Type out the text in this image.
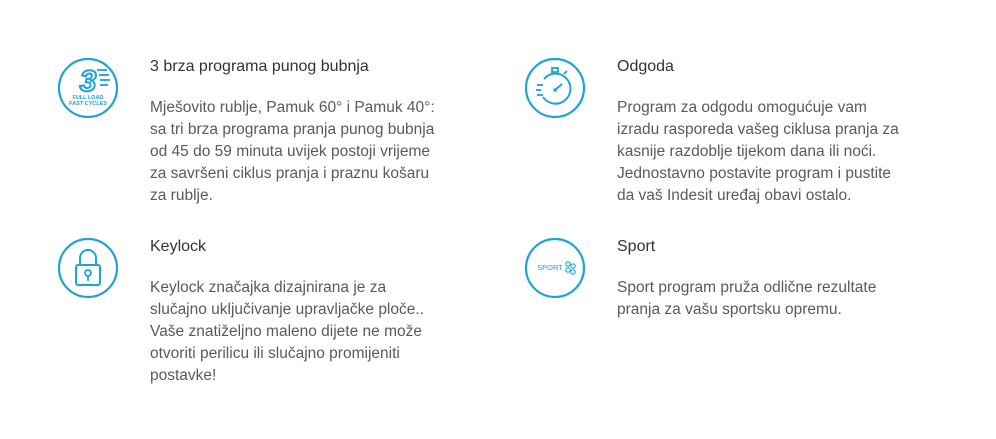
3
FULL LOAD
FAST CYCLES
3 brza programa punog bubnja
Mješovito rublje, Pamuk 60° i Pamuk 40°:
sa tri brza programa pranja punog bubnja
od 45 do 59 minuta uvijek postoji vrijeme
za savršeni ciklus pranja i praznu košaru
za rublje.
Odgoda
Program za odgodu omogućuje vam
izradu rasporeda vašeg ciklusa pranja za
kasnije razdoblje tijekom dana ili noći.
Jednostavno postavite program i pustite
da vaš Indesit uređaj obavi ostalo.
Keylock
Keylock značajka dizajnirana je za
slučajno uključivanje upravljačke ploče..
Vaše znatiželjno maleno dijete ne može
otvoriti perilicu ili slučajno promijeniti
postavke!
SPORT
Sport
Sport program pruža odlične rezultate
pranja za vašu sportsku opremu.
